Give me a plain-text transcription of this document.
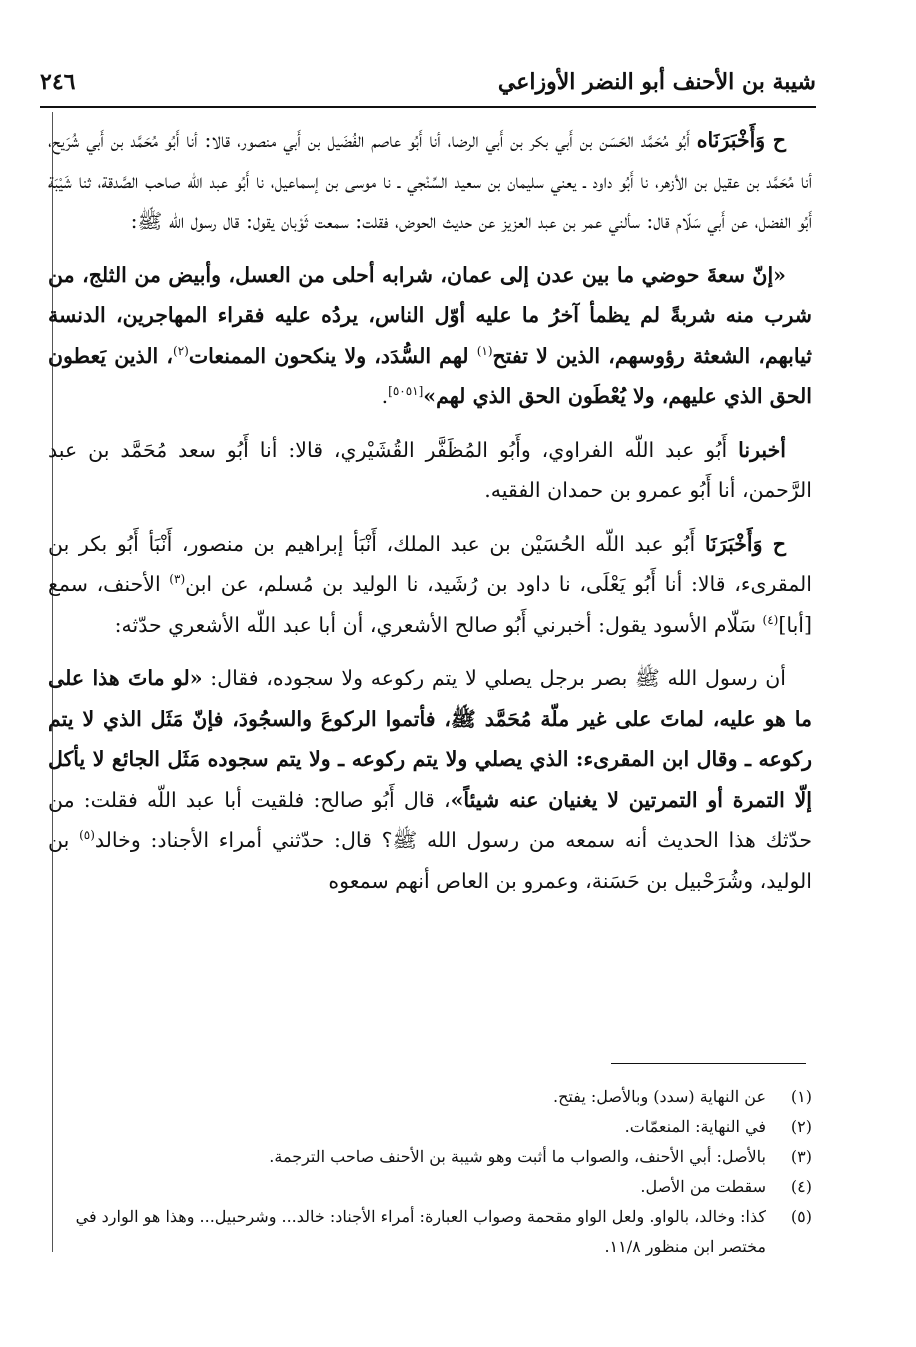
شيبة بن الأحنف أبو النضر الأوزاعي
٢٤٦

ح وَأَخْبَرَنَاه أَبُو مُحَمَّد الحَسَن بن أَبي بكر بن أَبي الرضا، أنا أَبُو عاصم الفُضَيل بن أَبي منصور، قالا: أنا أَبُو مُحَمَّد بن أَبي شُرَيح، أنا مُحَمَّد بن عقيل بن الأزهر، نا أَبُو داود ـ يعني سليمان بن سعيد السِّنْجي ـ نا موسى بن إسماعيل، نا أَبُو عبد اللّه صاحب الصَّدقة، ثنا شَيْبَة أَبُو الفضل، عن أَبي سَلّام قال: سألني عمر بن عبد العزيز عن حديث الحوض، فقلت: سمعت ثَوْبان يقول: قال رسول الله ﷺ:

«إنّ سعةَ حوضي ما بين عدن إلى عمان، شرابه أحلى من العسل، وأبيض من الثلج، من شرب منه شربةً لم يظمأ آخرُ ما عليه أوّل الناس، يردُه عليه فقراء المهاجرين، الدنسة ثيابهم، الشعثة رؤوسهم، الذين لا تفتح$^{(١)}$ لهم السُّدَد، ولا ينكحون الممنعات$^{(٢)}$، الذين يَعطون الحق الذي عليهم، ولا يُعْطَون الحق الذي لهم»[٥٠٥١].

أخبرنا أَبُو عبد اللّه الفراوي، وأَبُو المُظَفَّر القُشَيْري، قالا: أنا أَبُو سعد مُحَمَّد بن عبد الرَّحمن، أنا أَبُو عمرو بن حمدان الفقيه.

ح وَأَخْبَرَنَا أَبُو عبد اللّه الحُسَيْن بن عبد الملك، أَنْبَأ إبراهيم بن منصور، أَنْبَأ أَبُو بكر بن المقرىء، قالا: أنا أَبُو يَعْلَى، نا داود بن رُشَيد، نا الوليد بن مُسلم، عن ابن$^{(٣)}$ الأحنف، سمع [أبا]$^{(٤)}$ سَلّام الأسود يقول: أخبرني أَبُو صالح الأشعري، أن أبا عبد اللّه الأشعري حدّثه:

أن رسول الله ﷺ بصر برجل يصلي لا يتم ركوعه ولا سجوده، فقال: «لو ماتَ هذا على ما هو عليه، لماتَ على غير ملّة مُحَمَّد ﷺ، فأتموا الركوعَ والسجُودَ، فإنّ مَثَل الذي لا يتم ركوعه ـ وقال ابن المقرىء: الذي يصلي ولا يتم ركوعه ـ ولا يتم سجوده مَثَل الجائع لا يأكل إلّا التمرة أو التمرتين لا يغنيان عنه شيئاً»، قال أَبُو صالح: فلقيت أبا عبد اللّه فقلت: من حدّثك هذا الحديث أنه سمعه من رسول الله ﷺ؟ قال: حدّثني أمراء الأجناد: وخالد$^{(٥)}$ بن الوليد، وشُرَحْبيل بن حَسَنة، وعمرو بن العاص أنهم سمعوه

(١)
عن النهاية (سدد) وبالأصل: يفتح.
(٢)
في النهاية: المنعمّات.
(٣)
بالأصل: أبي الأحنف، والصواب ما أثبت وهو شيبة بن الأحنف صاحب الترجمة.
(٤)
سقطت من الأصل.
(٥)
كذا: وخالد، بالواو. ولعل الواو مقحمة وصواب العبارة: أمراء الأجناد: خالد... وشرحبيل... وهذا هو الوارد في مختصر ابن منظور ١١/٨.
